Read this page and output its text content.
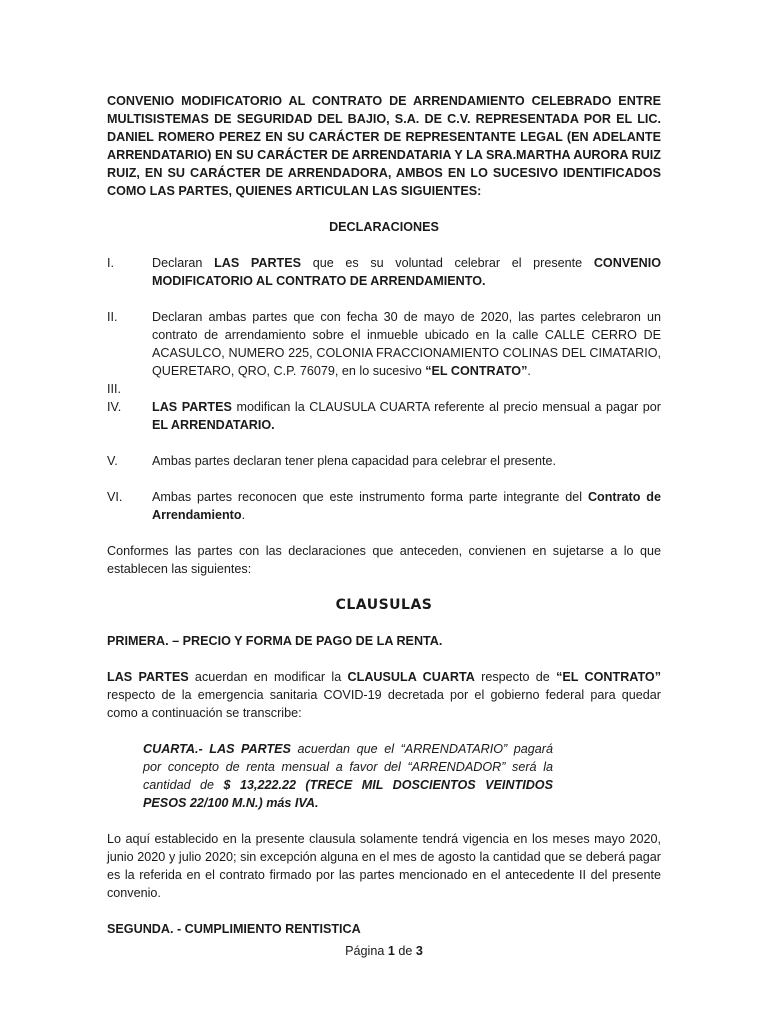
CONVENIO MODIFICATORIO AL CONTRATO DE ARRENDAMIENTO CELEBRADO ENTRE MULTISISTEMAS DE SEGURIDAD DEL BAJIO, S.A. DE C.V. REPRESENTADA POR EL LIC. DANIEL ROMERO PEREZ EN SU CARÁCTER DE REPRESENTANTE LEGAL (EN ADELANTE ARRENDATARIO) EN SU CARÁCTER DE ARRENDATARIA Y LA SRA.MARTHA AURORA RUIZ RUIZ, EN SU CARÁCTER DE ARRENDADORA, AMBOS EN LO SUCESIVO IDENTIFICADOS COMO LAS PARTES, QUIENES ARTICULAN LAS SIGUIENTES:

DECLARACIONES

I.	Declaran LAS PARTES que es su voluntad celebrar el presente CONVENIO MODIFICATORIO AL CONTRATO DE ARRENDAMIENTO.

II.	Declaran ambas partes que con fecha 30 de mayo de 2020, las partes celebraron un contrato de arrendamiento sobre el inmueble ubicado en la calle CALLE CERRO DE ACASULCO, NUMERO 225, COLONIA FRACCIONAMIENTO COLINAS DEL CIMATARIO, QUERETARO, QRO, C.P. 76079, en lo sucesivo “EL CONTRATO”.

III.

IV.	LAS PARTES modifican la CLAUSULA CUARTA referente al precio mensual a pagar por EL ARRENDATARIO.

V.	Ambas partes declaran tener plena capacidad para celebrar el presente.

VI.	Ambas partes reconocen que este instrumento forma parte integrante del Contrato de Arrendamiento.

Conformes las partes con las declaraciones que anteceden, convienen en sujetarse a lo que establecen las siguientes:

CLAUSULAS

PRIMERA. – PRECIO Y FORMA DE PAGO DE LA RENTA.

LAS PARTES acuerdan en modificar la CLAUSULA CUARTA respecto de “EL CONTRATO” respecto de la emergencia sanitaria COVID-19 decretada por el gobierno federal para quedar como a continuación se transcribe:

CUARTA.- LAS PARTES acuerdan que el “ARRENDATARIO” pagará por concepto de renta mensual a favor del “ARRENDADOR” será la cantidad de $ 13,222.22 (TRECE MIL DOSCIENTOS VEINTIDOS PESOS 22/100 M.N.) más IVA.

Lo aquí establecido en la presente clausula solamente tendrá vigencia en los meses mayo 2020, junio 2020 y julio 2020; sin excepción alguna en el mes de agosto la cantidad que se deberá pagar es la referida en el contrato firmado por las partes mencionado en el antecedente II del presente convenio.

SEGUNDA. - CUMPLIMIENTO RENTISTICA

Página 1 de 3
